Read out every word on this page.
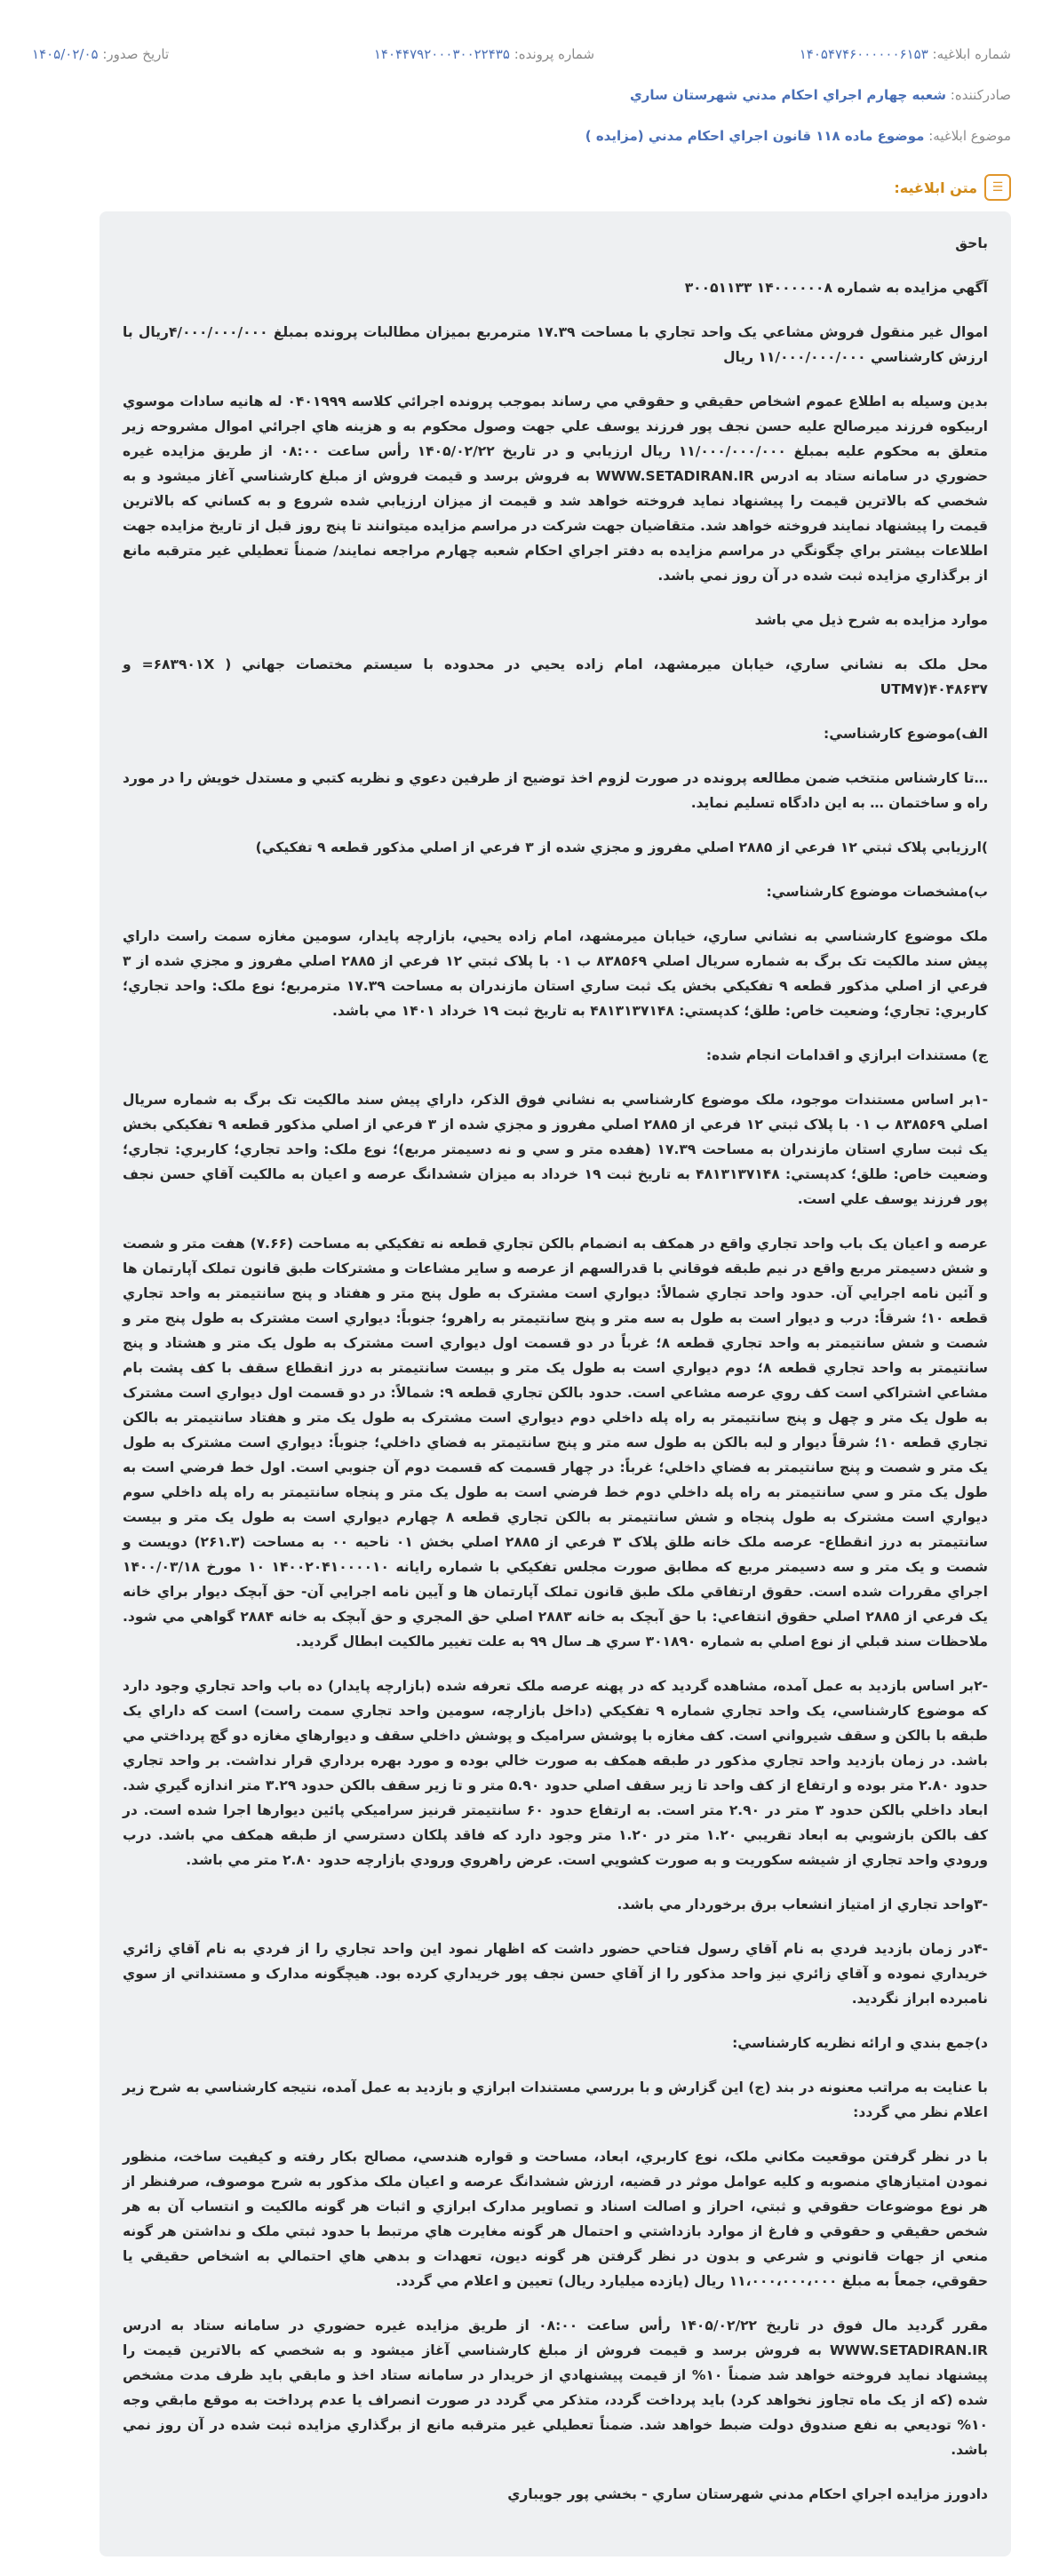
شماره ابلاغیه: ۱۴۰۵۴۷۴۶۰۰۰۰۰۰۶۱۵۳
شماره پرونده: ۱۴۰۴۴۷۹۲۰۰۰۳۰۰۲۲۴۳۵
تاریخ صدور: ۱۴۰۵/۰۲/۰۵
صادرکننده: شعبه چهارم اجراي احکام مدني شهرستان ساري
موضوع ابلاغیه: موضوع ماده ۱۱۸ قانون اجراي احکام مدني (مزايده )
☰
متن ابلاغیه:

باحق

آگهي مزايده به شماره ۱۴۰۰۰۰۰۰۸ ۳۰۰۵۱۱۳۳

اموال غیر منقول فروش مشاعي يک واحد تجاري با مساحت ۱۷.۳۹ مترمربع بميزان مطالبات پرونده بمبلغ ۴/۰۰۰/۰۰۰/۰۰۰ريال با ارزش كارشناسي ۱۱/۰۰۰/۰۰۰/۰۰۰ ريال

بدين وسيله به اطلاع عموم اشخاص حقيقي و حقوقي مي رساند بموجب پرونده اجرائي کلاسه ۰۴۰۱۹۹۹ له هانيه سادات موسوي اربيکوه فرزند ميرصالح عليه حسن نجف پور فرزند يوسف علي جهت وصول محکوم به و هزينه هاي اجرائي اموال مشروحه زير متعلق به محکوم عليه بمبلغ ۱۱/۰۰۰/۰۰۰/۰۰۰ ريال ارزيابي و در تاريخ ۱۴۰۵/۰۲/۲۲ رأس ساعت ۰۸:۰۰ از طريق مزايده غيره حضوري در سامانه ستاد به ادرس WWW.SETADIRAN.IR به فروش برسد و قيمت فروش از مبلغ کارشناسي آغاز ميشود و به شخصي که بالاترين قيمت را پيشنهاد نمايد فروخته خواهد شد و قيمت از ميزان ارزيابي شده شروع و به کساني که بالاترين قيمت را پيشنهاد نمايند فروخته خواهد شد. متقاضيان جهت شرکت در مراسم مزايده ميتوانند تا پنج روز قبل از تاريخ مزايده جهت اطلاعات بيشتر براي چگونگي در مراسم مزايده به دفتر اجراي احکام شعبه چهارم مراجعه نمايند/ ضمناً تعطيلي غير مترقبه مانع از برگذاري مزايده ثبت شده در آن روز نمي باشد.

موارد مزايده به شرح ذيل مي باشد

محل ملک به نشاني ساري، خيابان ميرمشهد، امام زاده يحيي در محدوده با سيستم مختصات جهاني ( ۶۸۳۹۰۱X= و ۴۰۴۸۶۳۷(UTM۷

الف)موضوع کارشناسي:

…تا کارشناس منتخب ضمن مطالعه پرونده در صورت لزوم اخذ توضيح از طرفين دعوي و نظريه کتبي و مستدل خويش را در مورد راه و ساختمان … به اين دادگاه تسليم نمايد.

)ارزيابي پلاک ثبتي ۱۲ فرعي از ۲۸۸۵ اصلي مفروز و مجزي شده از ۳ فرعي از اصلي مذکور قطعه ۹ تفکيکي)

ب)مشخصات موضوع کارشناسي:

ملک موضوع کارشناسي به نشاني ساري، خيابان ميرمشهد، امام زاده يحيي، بازارچه پايدار، سومين مغازه سمت راست داراي پيش سند مالکيت تک برگ به شماره سريال اصلي ۸۳۸۵۶۹ ب ۰۱ با پلاک ثبتي ۱۲ فرعي از ۲۸۸۵ اصلي مفروز و مجزي شده از ۳ فرعي از اصلي مذکور قطعه ۹ تفکيکي بخش يک ثبت ساري استان مازندران به مساحت ۱۷.۳۹ مترمربع؛ نوع ملک: واحد تجاري؛ کاربري: تجاري؛ وضعيت خاص: طلق؛ کدپستي: ۴۸۱۳۱۳۷۱۴۸ به تاريخ ثبت ۱۹ خرداد ۱۴۰۱ مي باشد.

ج) مستندات ابرازي و اقدامات انجام شده:

-۱بر اساس مستندات موجود، ملک موضوع کارشناسي به نشاني فوق الذکر، داراي پيش سند مالکيت تک برگ به شماره سريال اصلي ۸۳۸۵۶۹ ب ۰۱ با پلاک ثبتي ۱۲ فرعي از ۲۸۸۵ اصلي مفروز و مجزي شده از ۳ فرعي از اصلي مذکور قطعه ۹ تفکيکي بخش يک ثبت ساري استان مازندران به مساحت ۱۷.۳۹ (هفده متر و سي و نه دسيمتر مربع)؛ نوع ملک: واحد تجاري؛ کاربري: تجاري؛ وضعيت خاص: طلق؛ کدپستي: ۴۸۱۳۱۳۷۱۴۸ به تاريخ ثبت ۱۹ خرداد به ميزان ششدانگ عرصه و اعيان به مالکيت آقاي حسن نجف پور فرزند يوسف علي است.

عرصه و اعيان يک باب واحد تجاري واقع در همکف به انضمام بالکن تجاري قطعه نه تفکيکي به مساحت (۷.۶۶) هفت متر و شصت و شش دسيمتر مربع واقع در نيم طبقه فوقاني با قدرالسهم از عرصه و ساير مشاعات و مشترکات طبق قانون تملک آپارتمان ها و آئين نامه اجرايي آن. حدود واحد تجاري شمالاً: ديواري است مشترک به طول پنج متر و هفتاد و پنج سانتيمتر به واحد تجاري قطعه ۱۰؛ شرقاً: درب و ديوار است به طول به سه متر و پنج سانتيمتر به راهرو؛ جنوباً: ديواري است مشترک به طول پنج متر و شصت و شش سانتيمتر به واحد تجاري قطعه ۸؛ غرباً در دو قسمت اول ديواري است مشترک به طول يک متر و هشتاد و پنج سانتيمتر به واحد تجاري قطعه ۸؛ دوم ديواري است به طول يک متر و بيست سانتيمتر به درز انقطاع سقف با کف پشت بام مشاعي اشتراکي است کف روي عرصه مشاعي است. حدود بالکن تجاري قطعه ۹: شمالاً: در دو قسمت اول ديواري است مشترک به طول يک متر و چهل و پنج سانتيمتر به راه پله داخلي دوم ديواري است مشترک به طول يک متر و هفتاد سانتيمتر به بالکن تجاري قطعه ۱۰؛ شرقاً ديوار و لبه بالکن به طول سه متر و پنج سانتيمتر به فضاي داخلي؛ جنوباً: ديواري است مشترک به طول يک متر و شصت و پنج سانتيمتر به فضاي داخلي؛ غرباً: در چهار قسمت که قسمت دوم آن جنوبي است. اول خط فرضي است به طول يک متر و سي سانتيمتر به راه پله داخلي دوم خط فرضي است به طول يک متر و پنجاه سانتيمتر به راه پله داخلي سوم ديواري است مشترک به طول پنجاه و شش سانتيمتر به بالکن تجاري قطعه ۸ چهارم ديواري است به طول يک متر و بيست سانتيمتر به درز انقطاع- عرصه ملک خانه طلق پلاک ۳ فرعي از ۲۸۸۵ اصلي بخش ۰۱ ناحيه ۰۰ به مساحت (۲۶۱.۳) دويست و شصت و يک متر و سه دسيمتر مربع که مطابق صورت مجلس تفکيکي با شماره رايانه ۱۴۰۰۲۰۴۱۰۰۰۰۱۰ ۱۰ مورخ ۱۴۰۰/۰۳/۱۸ اجراي مقررات شده است. حقوق ارتفاقي ملک طبق قانون تملک آپارتمان ها و آيين نامه اجرايي آن- حق آبچک ديوار براي خانه يک فرعي از ۲۸۸۵ اصلي حقوق انتفاعي: با حق آبچک به خانه ۲۸۸۳ اصلي حق المجري و حق آبچک به خانه ۲۸۸۴ گواهي مي شود. ملاحظات سند قبلي از نوع اصلي به شماره ۳۰۱۸۹۰ سري هـ سال ۹۹ به علت تغيير مالکيت ابطال گرديد.

-۲بر اساس بازديد به عمل آمده، مشاهده گرديد که در پهنه عرصه ملک تعرفه شده (بازارچه پايدار) ده باب واحد تجاري وجود دارد که موضوع کارشناسي، يک واحد تجاري شماره ۹ تفکيکي (داخل بازارچه، سومين واحد تجاري سمت راست) است که داراي يک طبقه با بالکن و سقف شيرواني است. کف مغازه با پوشش سراميک و پوشش داخلي سقف و ديوارهاي مغازه دو گچ پرداختي مي باشد. در زمان بازديد واحد تجاري مذکور در طبقه همکف به صورت خالي بوده و مورد بهره برداري قرار نداشت. بر واحد تجاري حدود ۲.۸۰ متر بوده و ارتفاع از کف واحد تا زير سقف اصلي حدود ۵.۹۰ متر و تا زير سقف بالکن حدود ۳.۲۹ متر اندازه گيري شد. ابعاد داخلي بالکن حدود ۳ متر در ۲.۹۰ متر است. به ارتفاع حدود ۶۰ سانتيمتر قرنيز سراميکي پائين ديوارها اجرا شده است. در کف بالکن بازشويي به ابعاد تقريبي ۱.۲۰ متر در ۱.۲۰ متر وجود دارد که فاقد پلکان دسترسي از طبقه همکف مي باشد. درب ورودي واحد تجاري از شيشه سکوريت و به صورت کشويي است. عرض راهروي ورودي بازارچه حدود ۲.۸۰ متر مي باشد.

-۳واحد تجاري از امتياز انشعاب برق برخوردار مي باشد.

-۴در زمان بازديد فردي به نام آقاي رسول فتاحي حضور داشت که اظهار نمود اين واحد تجاري را از فردي به نام آقاي زائري خريداري نموده و آقاي زائري نيز واحد مذکور را از آقاي حسن نجف پور خريداري کرده بود. هيچگونه مدارک و مستنداتي از سوي نامبرده ابراز نگرديد.

د)جمع بندي و ارائه نظريه کارشناسي:

با عنايت به مراتب معنونه در بند (ج) اين گزارش و با بررسي مستندات ابرازي و بازديد به عمل آمده، نتيجه کارشناسي به شرح زير اعلام نظر مي گردد:

با در نظر گرفتن موقعيت مکاني ملک، نوع کاربري، ابعاد، مساحت و قواره هندسي، مصالح بکار رفته و کيفيت ساخت، منظور نمودن امتيازهاي منصوبه و کليه عوامل موثر در قضيه، ارزش ششدانگ عرصه و اعيان ملک مذکور به شرح موصوف، صرفنظر از هر نوع موضوعات حقوقي و ثبتي، احراز و اصالت اسناد و تصاوير مدارک ابرازي و اثبات هر گونه مالکيت و انتساب آن به هر شخص حقيقي و حقوقي و فارغ از موارد بازداشتي و احتمال هر گونه مغايرت هاي مرتبط با حدود ثبتي ملک و نداشتن هر گونه منعي از جهات قانوني و شرعي و بدون در نظر گرفتن هر گونه ديون، تعهدات و بدهي هاي احتمالي به اشخاص حقيقي يا حقوقي، جمعاً به مبلغ ۱۱،۰۰۰،۰۰۰،۰۰۰ ريال (يازده ميليارد ريال) تعيين و اعلام مي گردد.

مقرر گرديد مال فوق در تاريخ ۱۴۰۵/۰۲/۲۲ رأس ساعت ۰۸:۰۰ از طريق مزايده غيره حضوري در سامانه ستاد به ادرس WWW.SETADIRAN.IR به فروش برسد و قيمت فروش از مبلغ کارشناسي آغاز ميشود و به شخصي که بالاترين قيمت را پيشنهاد نمايد فروخته خواهد شد ضمناً ۱۰% از قيمت پيشنهادي از خريدار در سامانه ستاد اخذ و مابقي بايد ظرف مدت مشخص شده (که از يک ماه تجاوز نخواهد کرد) بايد پرداخت گردد، متذکر مي گردد در صورت انصراف يا عدم پرداخت به موقع مابقي وجه ۱۰% توديعي به نفع صندوق دولت ضبط خواهد شد. ضمناً تعطيلي غير مترقبه مانع از برگذاري مزايده ثبت شده در آن روز نمي باشد.

دادورز مزايده اجراي احكام مدني شهرستان ساري - بخشي پور جويباري
